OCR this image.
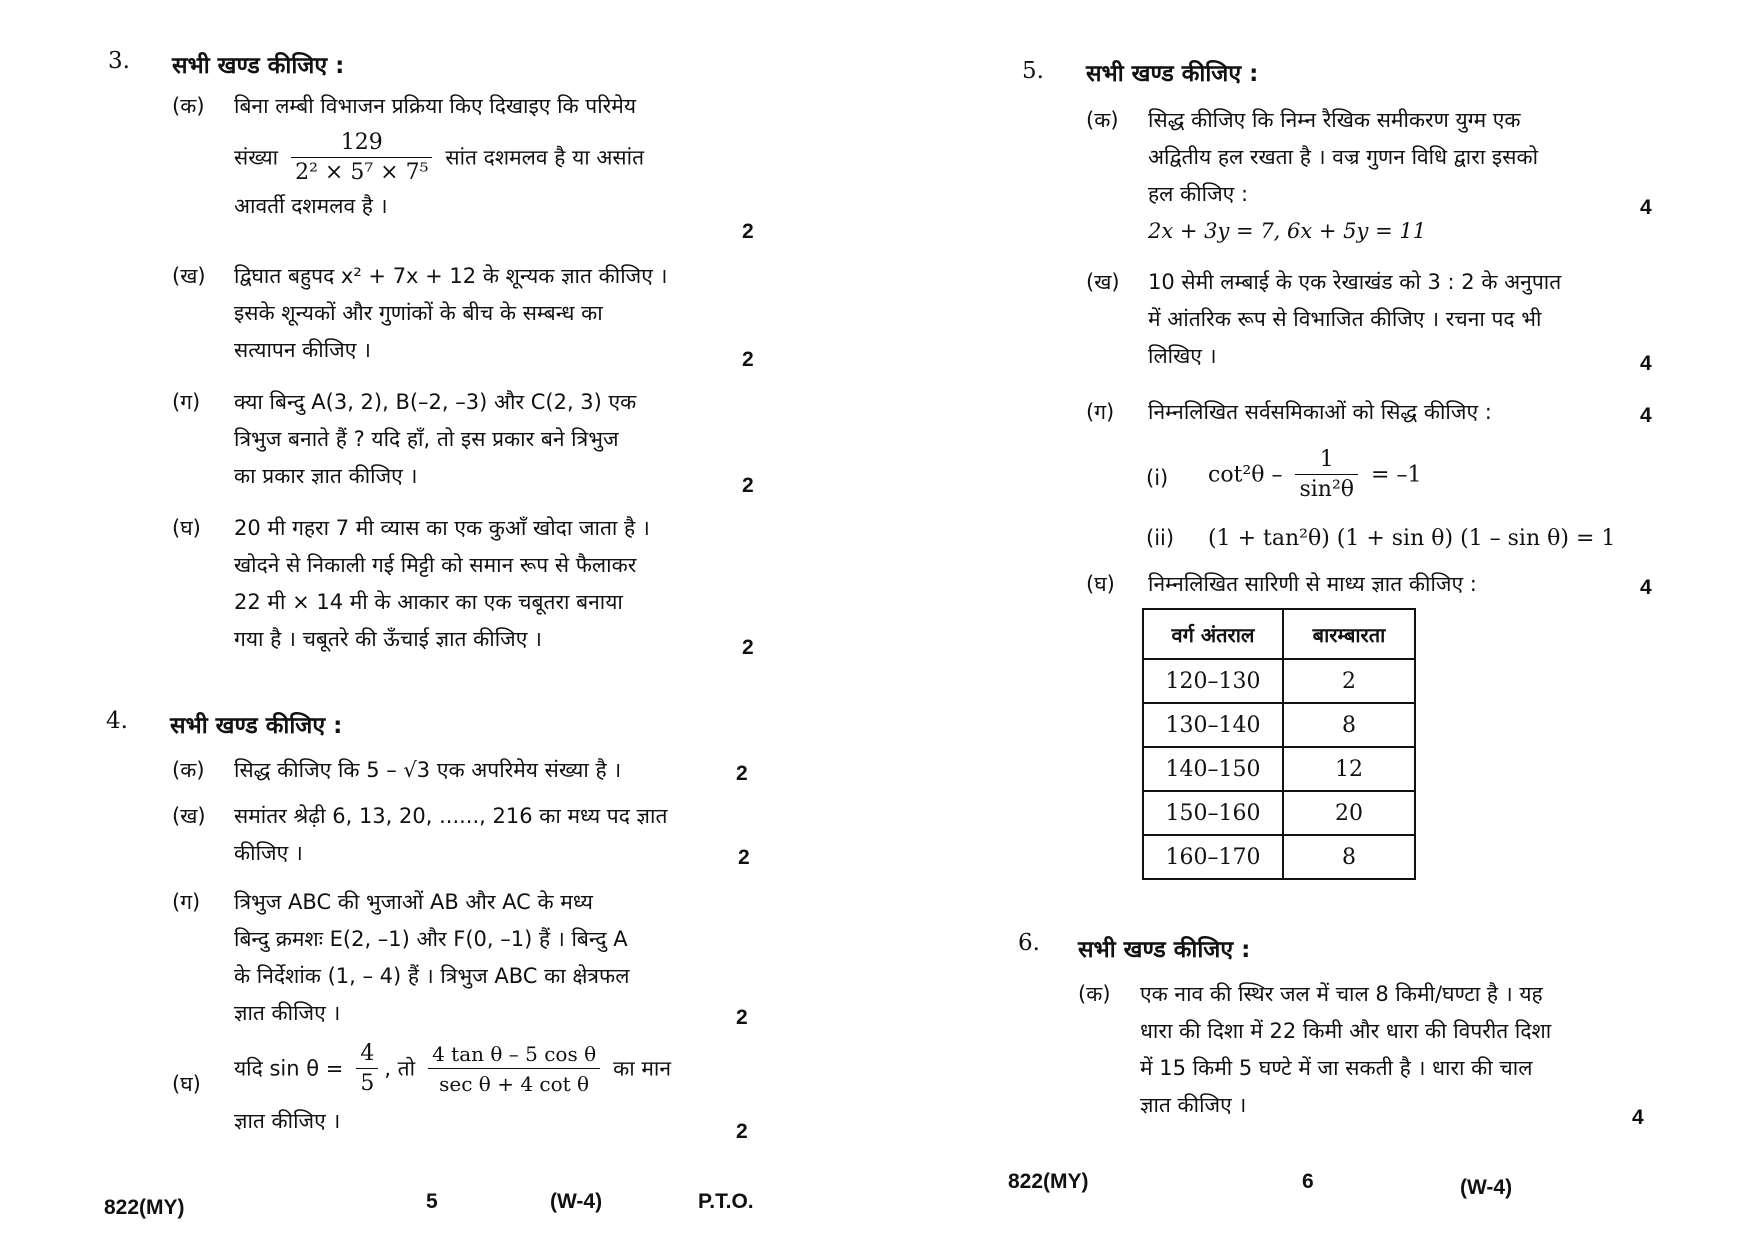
3. सभी खण्ड कीजिए :
(क) बिना लम्बी विभाजन प्रक्रिया किए दिखाइए कि परिमेय
संख्या $\frac{129}{\text{2² × 5⁷ × 7⁵}}$ सांत दशमलव है या असांत
आवर्ती दशमलव है ।
2
(ख) द्विघात बहुपद x² + 7x + 12 के शून्यक ज्ञात कीजिए ।
इसके शून्यकों और गुणांकों के बीच के सम्बन्ध का
सत्यापन कीजिए ।	2
(ग) क्या बिन्दु A(3, 2), B(–2, –3) और C(2, 3) एक
त्रिभुज बनाते हैं ? यदि हाँ, तो इस प्रकार बने त्रिभुज
का प्रकार ज्ञात कीजिए ।	2
(घ) 20 मी गहरा 7 मी व्यास का एक कुआँ खोदा जाता है ।
खोदने से निकाली गई मिट्टी को समान रूप से फैलाकर
22 मी × 14 मी के आकार का एक चबूतरा बनाया
गया है । चबूतरे की ऊँचाई ज्ञात कीजिए ।	2
4. सभी खण्ड कीजिए :
(क) सिद्ध कीजिए कि 5 – √3 एक अपरिमेय संख्या है ।	2
(ख) समांतर श्रेढ़ी 6, 13, 20, ......, 216 का मध्य पद ज्ञात
कीजिए ।	2
(ग) त्रिभुज ABC की भुजाओं AB और AC के मध्य
बिन्दु क्रमशः E(2, –1) और F(0, –1) हैं । बिन्दु A
के निर्देशांक (1, – 4) हैं । त्रिभुज ABC का क्षेत्रफल
ज्ञात कीजिए ।	2
(घ)
यदि $\sin \theta = \frac{4}{5}$ , तो $\frac{\text{4 tan θ – 5 cos θ}}{\text{sec θ + 4 cot θ}}$ का मान
ज्ञात कीजिए ।	2
822(MY)	5	(W-4)	P.T.O.
5. सभी खण्ड कीजिए :
(क) सिद्ध कीजिए कि निम्न रैखिक समीकरण युग्म एक
अद्वितीय हल रखता है । वज्र गुणन विधि द्वारा इसको
हल कीजिए :
2x + 3y = 7, 6x + 5y = 11
4
(ख) 10 सेमी लम्बाई के एक रेखाखंड को 3 : 2 के अनुपात
में आंतरिक रूप से विभाजित कीजिए । रचना पद भी
लिखिए ।	4
(ग) निम्नलिखित सर्वसमिकाओं को सिद्ध कीजिए :	4
(i) $\cot^2\theta - \frac{1}{\text{sin²θ}} = -1$
(ii) (1 + tan²θ) (1 + sin θ) (1 – sin θ) = 1
(घ) निम्नलिखित सारिणी से माध्य ज्ञात कीजिए :	4
वर्ग अंतराल	बारम्बारता
120–130	2
130–140	8
140–150	12
150–160	20
160–170	8
6. सभी खण्ड कीजिए :
(क) एक नाव की स्थिर जल में चाल 8 किमी/घण्टा है । यह
धारा की दिशा में 22 किमी और धारा की विपरीत दिशा
में 15 किमी 5 घण्टे में जा सकती है । धारा की चाल
ज्ञात कीजिए ।
4
822(MY)	6	(W-4)
